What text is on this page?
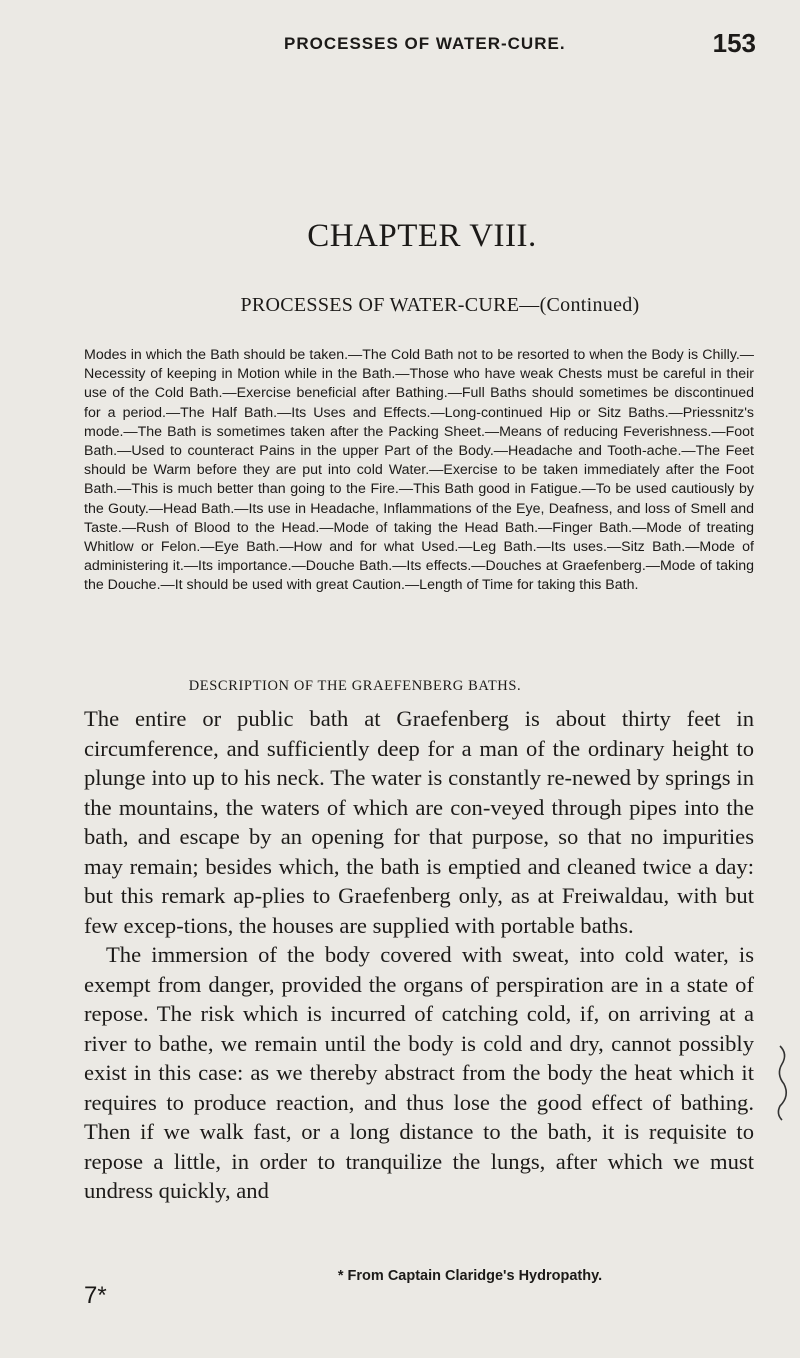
PROCESSES OF WATER-CURE.	153
CHAPTER VIII.
PROCESSES OF WATER-CURE—(Continued)

Modes in which the Bath should be taken.—The Cold Bath not to be resorted to when the Body is Chilly.—Necessity of keeping in Motion while in the Bath.—Those who have weak Chests must be careful in their use of the Cold Bath.—Exercise beneficial after Bathing.—Full Baths should sometimes be discontinued for a period.—The Half Bath.—Its Uses and Effects.—Long-continued Hip or Sitz Baths.—Priessnitz's mode.—The Bath is sometimes taken after the Packing Sheet.—Means of reducing Feverishness.—Foot Bath.—Used to counteract Pains in the upper Part of the Body.—Headache and Tooth-ache.—The Feet should be Warm before they are put into cold Water.—Exercise to be taken immediately after the Foot Bath.—This is much better than going to the Fire.—This Bath good in Fatigue.—To be used cautiously by the Gouty.—Head Bath.—Its use in Headache, Inflammations of the Eye, Deafness, and loss of Smell and Taste.—Rush of Blood to the Head.—Mode of taking the Head Bath.—Finger Bath.—Mode of treating Whitlow or Felon.—Eye Bath.—How and for what Used.—Leg Bath.—Its uses.—Sitz Bath.—Mode of administering it.—Its importance.—Douche Bath.—Its effects.—Douches at Graefenberg.—Mode of taking the Douche.—It should be used with great Caution.—Length of Time for taking this Bath.

DESCRIPTION OF THE GRAEFENBERG BATHS.

The entire or public bath at Graefenberg is about thirty feet in circumference, and sufficiently deep for a man of the ordinary height to plunge into up to his neck. The water is constantly re-newed by springs in the mountains, the waters of which are con-veyed through pipes into the bath, and escape by an opening for that purpose, so that no impurities may remain; besides which, the bath is emptied and cleaned twice a day: but this remark ap-plies to Graefenberg only, as at Freiwaldau, with but few excep-tions, the houses are supplied with portable baths.

The immersion of the body covered with sweat, into cold water, is exempt from danger, provided the organs of perspiration are in a state of repose. The risk which is incurred of catching cold, if, on arriving at a river to bathe, we remain until the body is cold and dry, cannot possibly exist in this case: as we thereby abstract from the body the heat which it requires to produce reaction, and thus lose the good effect of bathing. Then if we walk fast, or a long distance to the bath, it is requisite to repose a little, in order to tranquilize the lungs, after which we must undress quickly, and

* From Captain Claridge's Hydropathy.
7*
